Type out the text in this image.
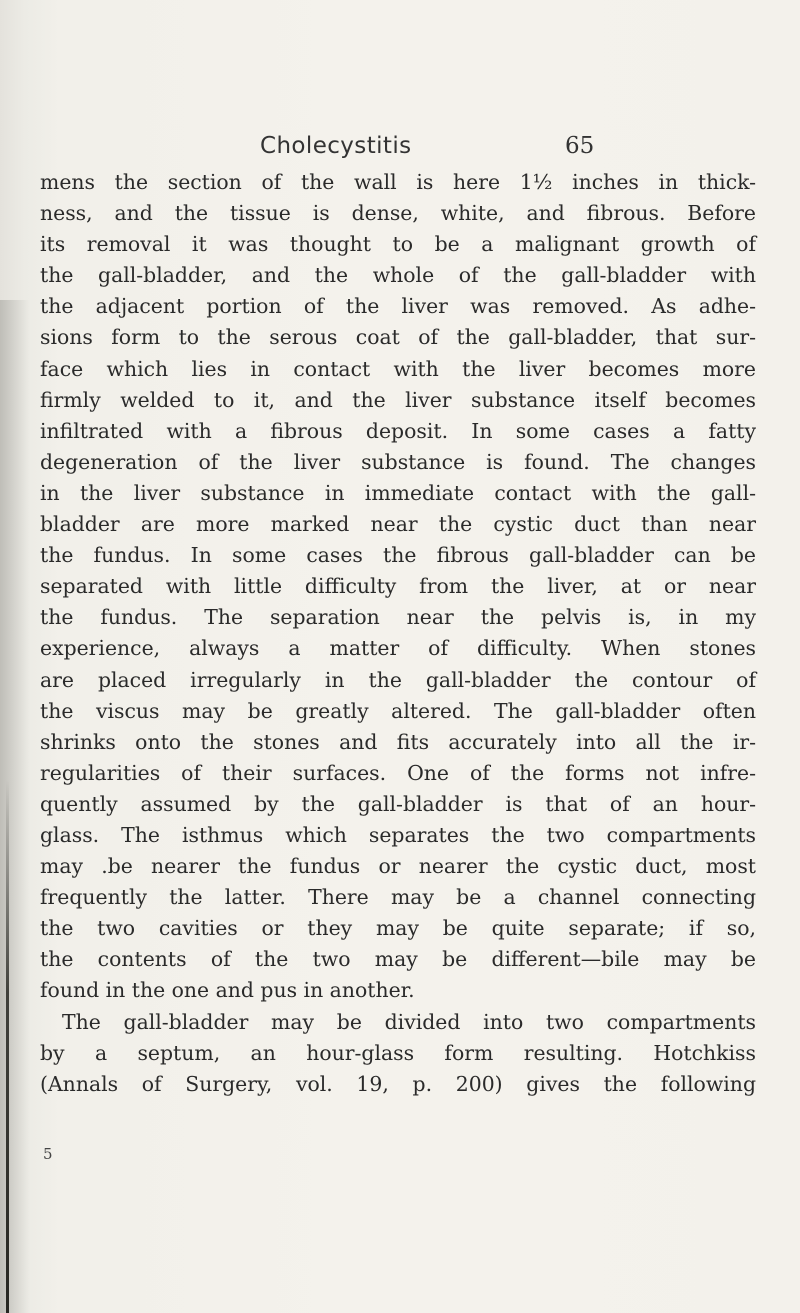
Cholecystitis	65
mens the section of the wall is here 1½ inches in thick-
ness, and the tissue is dense, white, and fibrous. Before
its removal it was thought to be a malignant growth of
the gall-bladder, and the whole of the gall-bladder with
the adjacent portion of the liver was removed. As adhe-
sions form to the serous coat of the gall-bladder, that sur-
face which lies in contact with the liver becomes more
firmly welded to it, and the liver substance itself becomes
infiltrated with a fibrous deposit. In some cases a fatty
degeneration of the liver substance is found. The changes
in the liver substance in immediate contact with the gall-
bladder are more marked near the cystic duct than near
the fundus. In some cases the fibrous gall-bladder can be
separated with little difficulty from the liver, at or near
the fundus. The separation near the pelvis is, in my
experience, always a matter of difficulty. When stones
are placed irregularly in the gall-bladder the contour of
the viscus may be greatly altered. The gall-bladder often
shrinks onto the stones and fits accurately into all the ir-
regularities of their surfaces. One of the forms not infre-
quently assumed by the gall-bladder is that of an hour-
glass. The isthmus which separates the two compartments
may .be nearer the fundus or nearer the cystic duct, most
frequently the latter. There may be a channel connecting
the two cavities or they may be quite separate; if so,
the contents of the two may be different—bile may be
found in the one and pus in another.
The gall-bladder may be divided into two compartments
by a septum, an hour-glass form resulting. Hotchkiss
(Annals of Surgery, vol. 19, p. 200) gives the following
5
